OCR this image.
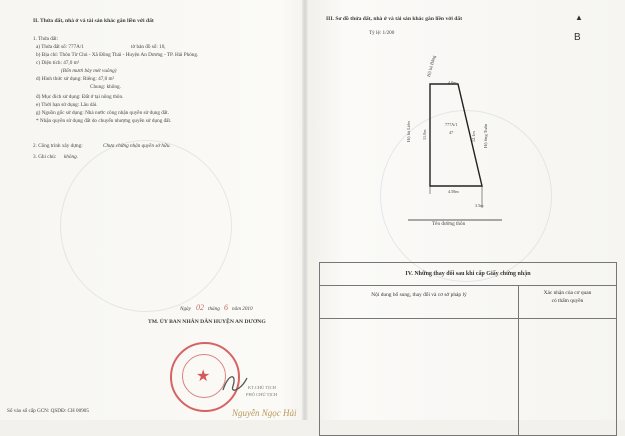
II. Thửa đất, nhà ở và tài sản khác gắn liền với đất
1. Thửa đất:
a) Thửa đất số: 777A/1	tờ bản đồ số: 10,
b) Địa chỉ: Thôn Từ Chủ - Xã Đồng Thái - Huyện An Dương - TP. Hải Phòng.
c) Diện tích: 47,0 m²
(Bốn mươi bảy mét vuông)
d) Hình thức sử dụng: Riêng: 47,0 m²
Chung: không.
đ) Mục đích sử dụng: Đất ở tại nông thôn.
e) Thời hạn sử dụng: Lâu dài.
g) Nguồn gốc sử dụng: Nhà nước công nhận quyền sử dụng đất.
* Nhận quyền sử dụng đất do chuyển nhượng quyền sử dụng đất.
2. Công trình xây dựng:	Chưa chứng nhận quyền sở hữu.
3. Ghi chú: không.
Ngày 02 tháng 6 năm 2010
TM. ỦY BAN NHÂN DÂN HUYỆN AN DƯƠNG
★
KT.CHỦ TỊCH
PHÓ CHỦ TỊCH
Nguyễn Ngọc Hải
Số vào sổ cấp GCN: QSDĐ: CH 00905
III. Sơ đồ thửa đất, nhà ở và tài sản khác gắn liền với đất
Tỷ lệ: 1/200
▲
B
Hộ bà Băng
4.0m
Hộ bà Liên	11.0m	Hộ ông Tuấn
12.1m
777A/1
47
4.58m
3.5m
Tên đường thôn
IV. Những thay đổi sau khi cấp Giấy chứng nhận	
Nội dung bổ sung, thay đổi và cơ sở pháp lý	Xác nhận của cơ quan
có thẩm quyền
